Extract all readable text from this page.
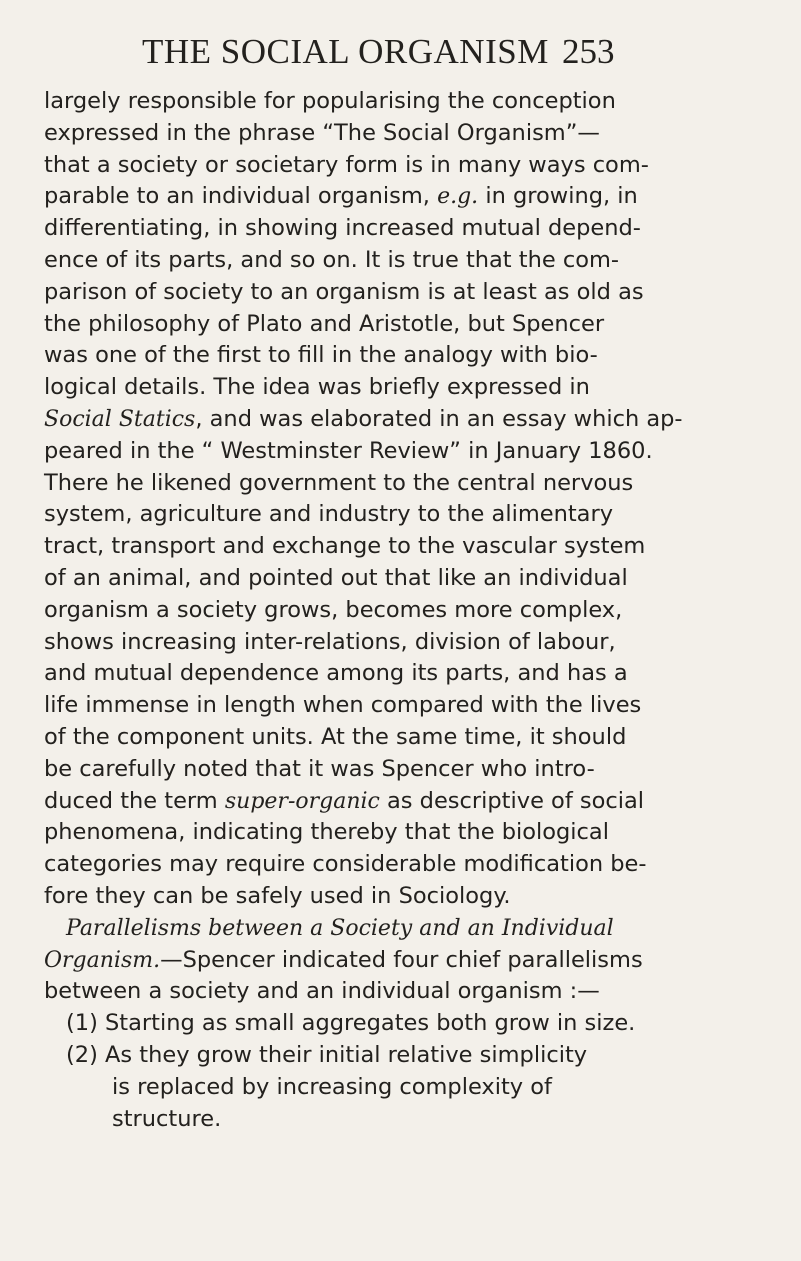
THE SOCIAL ORGANISM 253
largely responsible for popularising the conception
expressed in the phrase “The Social Organism”—
that a society or societary form is in many ways com-
parable to an individual organism, e.g. in growing, in
differentiating, in showing increased mutual depend-
ence of its parts, and so on. It is true that the com-
parison of society to an organism is at least as old as
the philosophy of Plato and Aristotle, but Spencer
was one of the first to fill in the analogy with bio-
logical details. The idea was briefly expressed in
Social Statics, and was elaborated in an essay which ap-
peared in the “ Westminster Review” in January 1860.
There he likened government to the central nervous
system, agriculture and industry to the alimentary
tract, transport and exchange to the vascular system
of an animal, and pointed out that like an individual
organism a society grows, becomes more complex,
shows increasing inter-relations, division of labour,
and mutual dependence among its parts, and has a
life immense in length when compared with the lives
of the component units. At the same time, it should
be carefully noted that it was Spencer who intro-
duced the term super-organic as descriptive of social
phenomena, indicating thereby that the biological
categories may require considerable modification be-
fore they can be safely used in Sociology.
Parallelisms between a Society and an Individual
Organism.—Spencer indicated four chief parallelisms
between a society and an individual organism :—
(1) Starting as small aggregates both grow in size.
(2) As they grow their initial relative simplicity
is replaced by increasing complexity of
structure.
